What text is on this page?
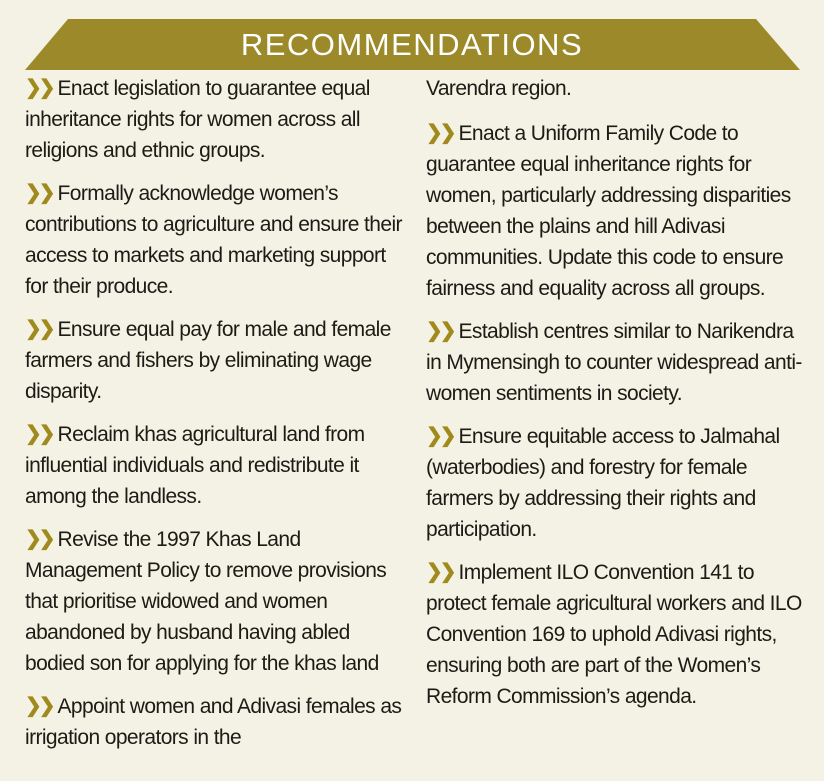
RECOMMENDATIONS

❯❯ Enact legislation to guarantee equal inheritance rights for women across all religions and ethnic groups.

❯❯ Formally acknowledge women’s contributions to agriculture and ensure their access to markets and marketing support for their produce.

❯❯ Ensure equal pay for male and female farmers and fishers by eliminating wage disparity.

❯❯ Reclaim khas agricultural land from influential individuals and redistribute it among the landless.

❯❯ Revise the 1997 Khas Land Management Policy to remove provisions that prioritise widowed and women abandoned by husband having abled bodied son for applying for the khas land

❯❯ Appoint women and Adivasi females as irrigation operators in the

Varendra region.

❯❯ Enact a Uniform Family Code to guarantee equal inheritance rights for women, particularly addressing disparities between the plains and hill Adivasi communities. Update this code to ensure fairness and equality across all groups.

❯❯ Establish centres similar to Narikendra in Mymensingh to counter widespread anti-women sentiments in society.

❯❯ Ensure equitable access to Jalmahal (waterbodies) and forestry for female farmers by addressing their rights and participation.

❯❯ Implement ILO Convention 141 to protect female agricultural workers and ILO Convention 169 to uphold Adivasi rights, ensuring both are part of the Women’s Reform Commission’s agenda.
